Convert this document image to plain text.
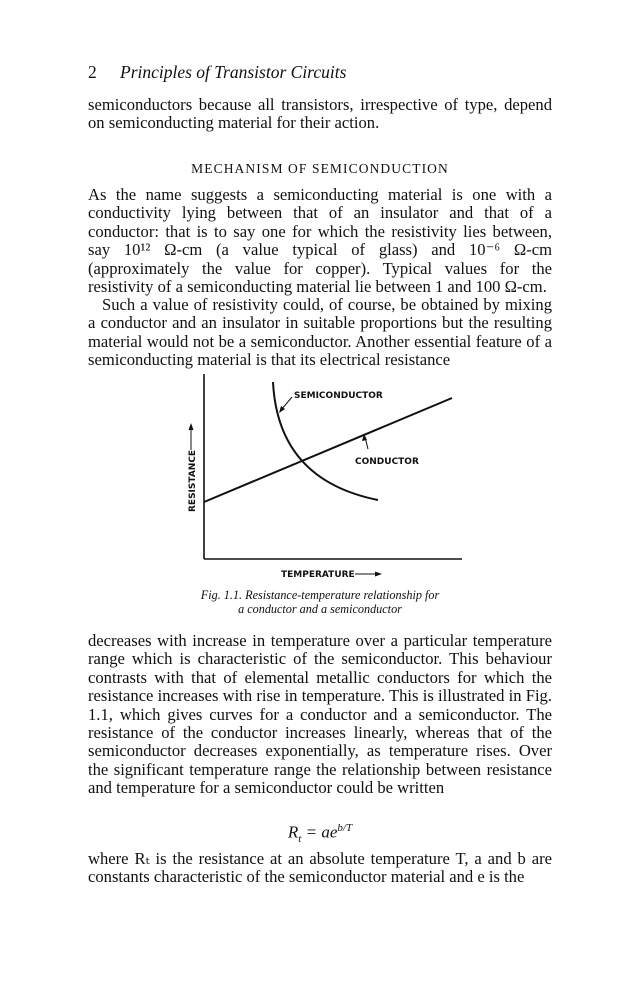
2 Principles of Transistor Circuits

semiconductors because all transistors, irrespective of type, depend on semiconducting material for their action.

MECHANISM OF SEMICONDUCTION

As the name suggests a semiconducting material is one with a conductivity lying between that of an insulator and that of a conductor: that is to say one for which the resistivity lies between, say 10¹² Ω-cm (a value typical of glass) and 10⁻⁶ Ω-cm (approximately the value for copper). Typical values for the resistivity of a semiconducting material lie between 1 and 100 Ω-cm.

Such a value of resistivity could, of course, be obtained by mixing a conductor and an insulator in suitable proportions but the resulting material would not be a semiconductor. Another essential feature of a semiconducting material is that its electrical resistance

SEMICONDUCTOR
CONDUCTOR
RESISTANCE
TEMPERATURE
Fig. 1.1. Resistance-temperature relationship for
a conductor and a semiconductor

decreases with increase in temperature over a particular temperature range which is characteristic of the semiconductor. This behaviour contrasts with that of elemental metallic conductors for which the resistance increases with rise in temperature. This is illustrated in Fig. 1.1, which gives curves for a conductor and a semiconductor. The resistance of the conductor increases linearly, whereas that of the semiconductor decreases exponentially, as temperature rises. Over the significant temperature range the relationship between resistance and temperature for a semiconductor could be written

$R_t = ae^{b/T}$

where Rₜ is the resistance at an absolute temperature T, a and b are constants characteristic of the semiconductor material and e is the
